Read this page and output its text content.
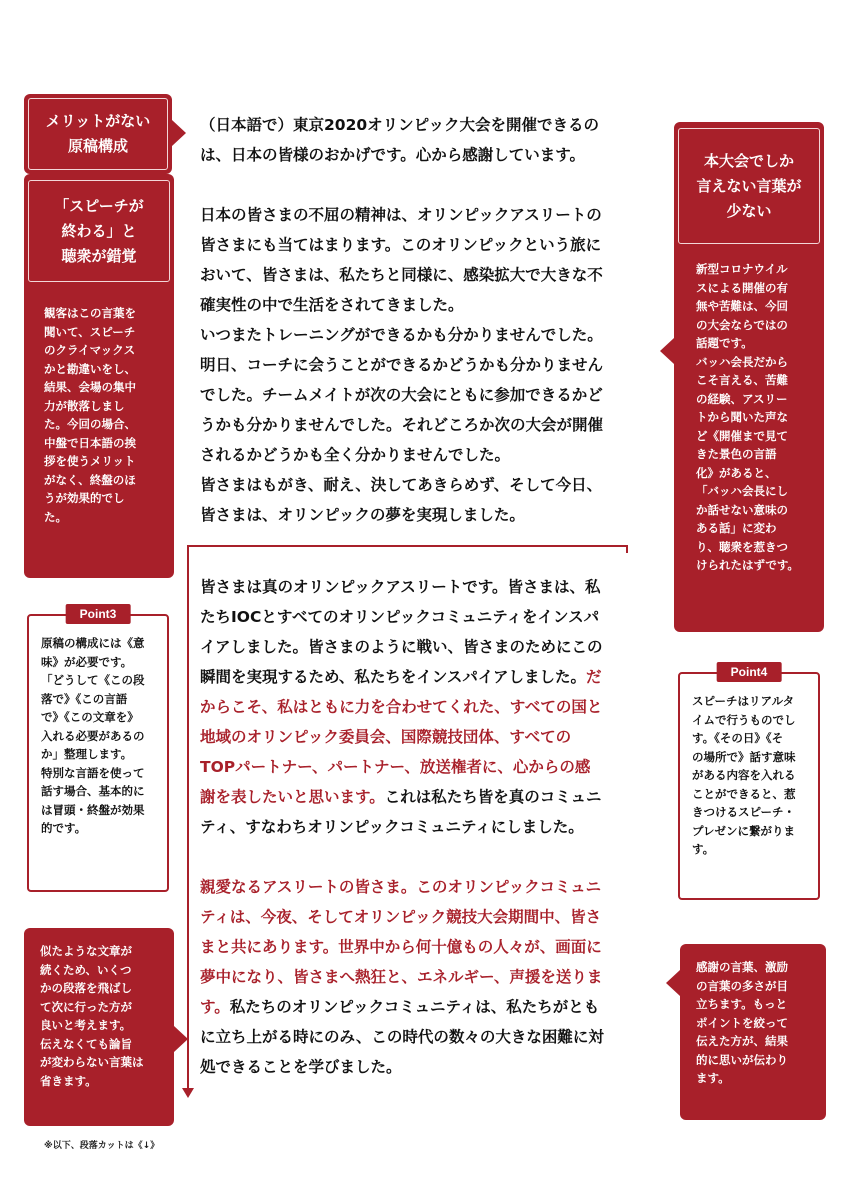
メリットがない
原稿構成
「スピーチが
終わる」と
聴衆が錯覚
観客はこの言葉を
聞いて、スピーチ
のクライマックス
かと勘違いをし、
結果、会場の集中
力が散落しまし
た。今回の場合、
中盤で日本語の挨
拶を使うメリット
がなく、終盤のほ
うが効果的でし
た。
Point3
原稿の構成には《意
味》が必要です。
「どうして《この段
落で》《この言語
で》《この文章を》
入れる必要があるの
か」整理します。
特別な言語を使って
話す場合、基本的に
は冒頭・終盤が効果
的です。
似たような文章が
続くため、いくつ
かの段落を飛ばし
て次に行った方が
良いと考えます。
伝えなくても論旨
が変わらない言葉は
省きます。
※以下、段落カットは《↓》
本大会でしか
言えない言葉が
少ない
新型コロナウイル
スによる開催の有
無や苦難は、今回
の大会ならではの
話題です。
バッハ会長だから
こそ言える、苦難
の経験、アスリー
トから聞いた声な
ど《開催まで見て
きた景色の言語
化》があると、
「バッハ会長にし
か話せない意味の
ある話」に変わ
り、聴衆を惹きつ
けられたはずです。
Point4
スピーチはリアルタ
イムで行うものでし
す。《その日》《そ
の場所で》話す意味
がある内容を入れる
ことができると、惹
きつけるスピーチ・
プレゼンに繋がりま
す。
感謝の言葉、激励
の言葉の多さが目
立ちます。もっと
ポイントを絞って
伝えた方が、結果
的に思いが伝わり
ます。

（日本語で）東京2020オリンピック大会を開催できるの

は、日本の皆様のおかげです。心から感謝しています。

日本の皆さまの不屈の精神は、オリンピックアスリートの

皆さまにも当てはまります。このオリンピックという旅に

おいて、皆さまは、私たちと同様に、感染拡大で大きな不

確実性の中で生活をされてきました。

いつまたトレーニングができるかも分かりませんでした。

明日、コーチに会うことができるかどうかも分かりません

でした。チームメイトが次の大会にともに参加できるかど

うかも分かりませんでした。それどころか次の大会が開催

されるかどうかも全く分かりませんでした。

皆さまはもがき、耐え、決してあきらめず、そして今日、

皆さまは、オリンピックの夢を実現しました。

皆さまは真のオリンピックアスリートです。皆さまは、私

たちIOCとすべてのオリンピックコミュニティをインスパ

イアしました。皆さまのように戦い、皆さまのためにこの

瞬間を実現するため、私たちをインスパイアしました。だ

からこそ、私はともに力を合わせてくれた、すべての国と

地域のオリンピック委員会、国際競技団体、すべての

TOPパートナー、パートナー、放送権者に、心からの感

謝を表したいと思います。これは私たち皆を真のコミュニ

ティ、すなわちオリンピックコミュニティにしました。

親愛なるアスリートの皆さま。このオリンピックコミュニ

ティは、今夜、そしてオリンピック競技大会期間中、皆さ

まと共にあります。世界中から何十億もの人々が、画面に

夢中になり、皆さまへ熱狂と、エネルギー、声援を送りま

す。私たちのオリンピックコミュニティは、私たちがとも

に立ち上がる時にのみ、この時代の数々の大きな困難に対

処できることを学びました。
